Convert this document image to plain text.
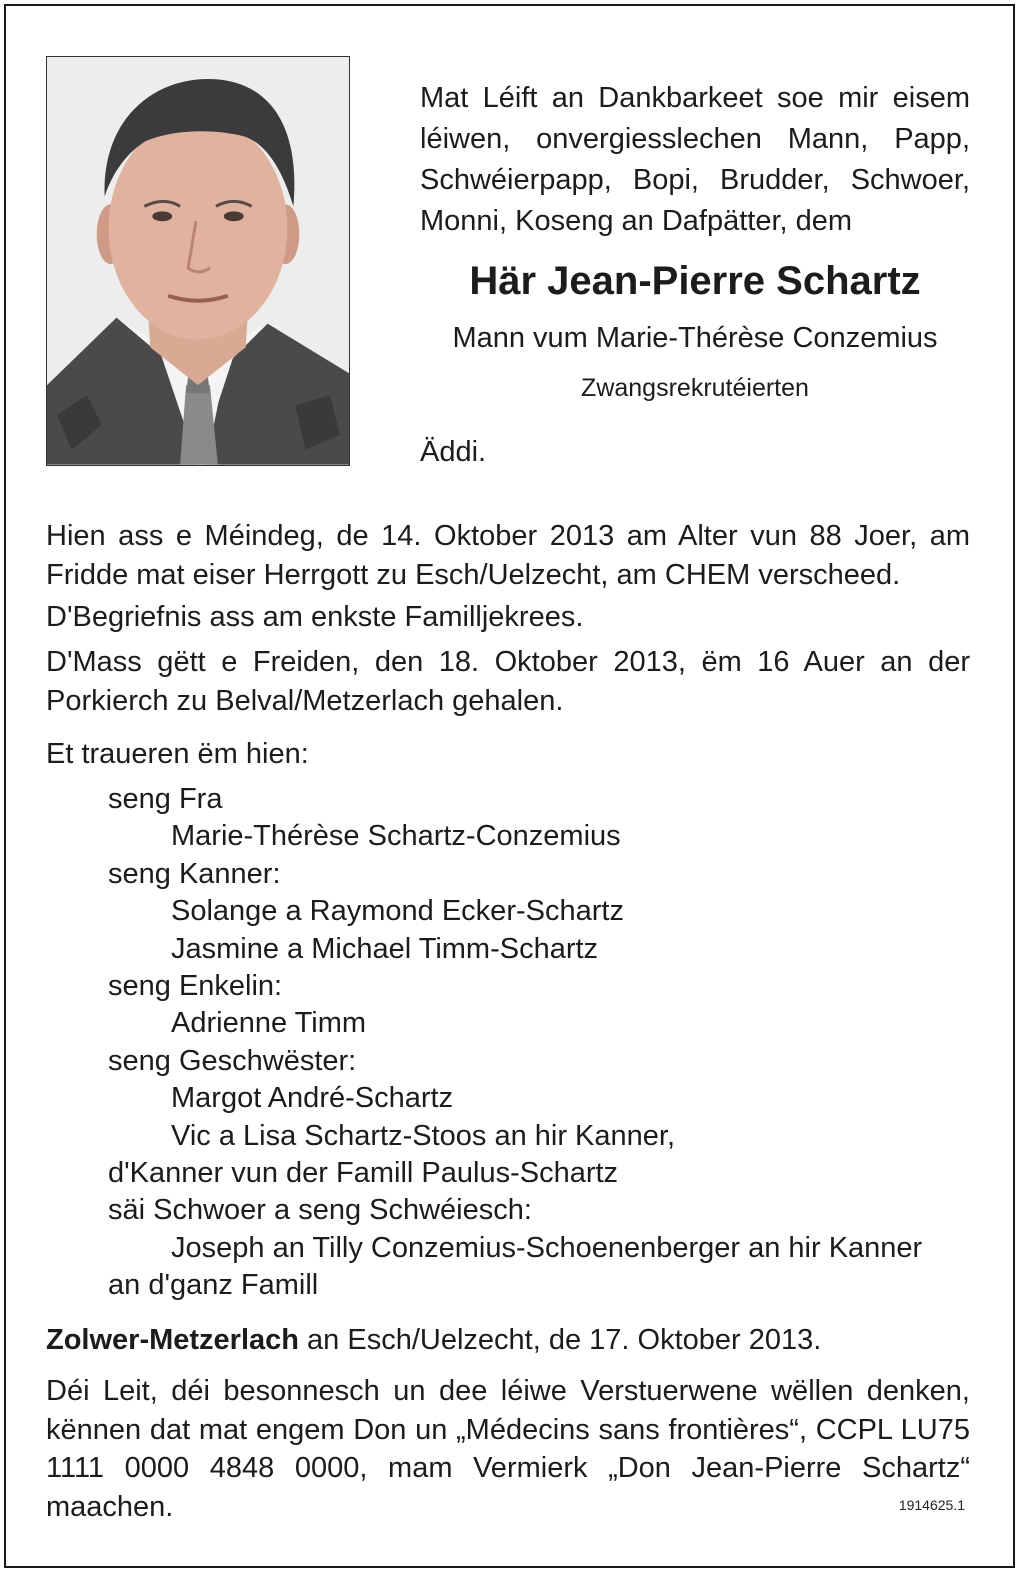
Mat Léift an Dankbarkeet soe mir eisem léiwen, onvergiesslechen Mann, Papp, Schwéierpapp, Bopi, Brudder, Schwoer, Monni, Koseng an Dafpätter, dem
Här Jean-Pierre Schartz
Mann vum Marie-Thérèse Conzemius
Zwangsrekrutéierten
Äddi.
Hien ass e Méindeg, de 14. Oktober 2013 am Alter vun 88 Joer, am Fridde mat eiser Herrgott zu Esch/Uelzecht, am CHEM verscheed.
D'Begriefnis ass am enkste Familljekrees.
D'Mass gëtt e Freiden, den 18. Oktober 2013, ëm 16 Auer an der Porkierch zu Belval/Metzerlach gehalen.
Et traueren ëm hien:
seng Fra
Marie-Thérèse Schartz-Conzemius
seng Kanner:
Solange a Raymond Ecker-Schartz
Jasmine a Michael Timm-Schartz
seng Enkelin:
Adrienne Timm
seng Geschwëster:
Margot André-Schartz
Vic a Lisa Schartz-Stoos an hir Kanner,
d'Kanner vun der Famill Paulus-Schartz
säi Schwoer a seng Schwéiesch:
Joseph an Tilly Conzemius-Schoenenberger an hir Kanner
an d'ganz Famill
Zolwer-Metzerlach an Esch/Uelzecht, de 17. Oktober 2013.
Déi Leit, déi besonnesch un dee léiwe Verstuerwene wëllen denken, kënnen dat mat engem Don un „Médecins sans frontières“, CCPL LU75 1111 0000 4848 0000, mam Vermierk „Don Jean-Pierre Schartz“ maachen.	1914625.1
